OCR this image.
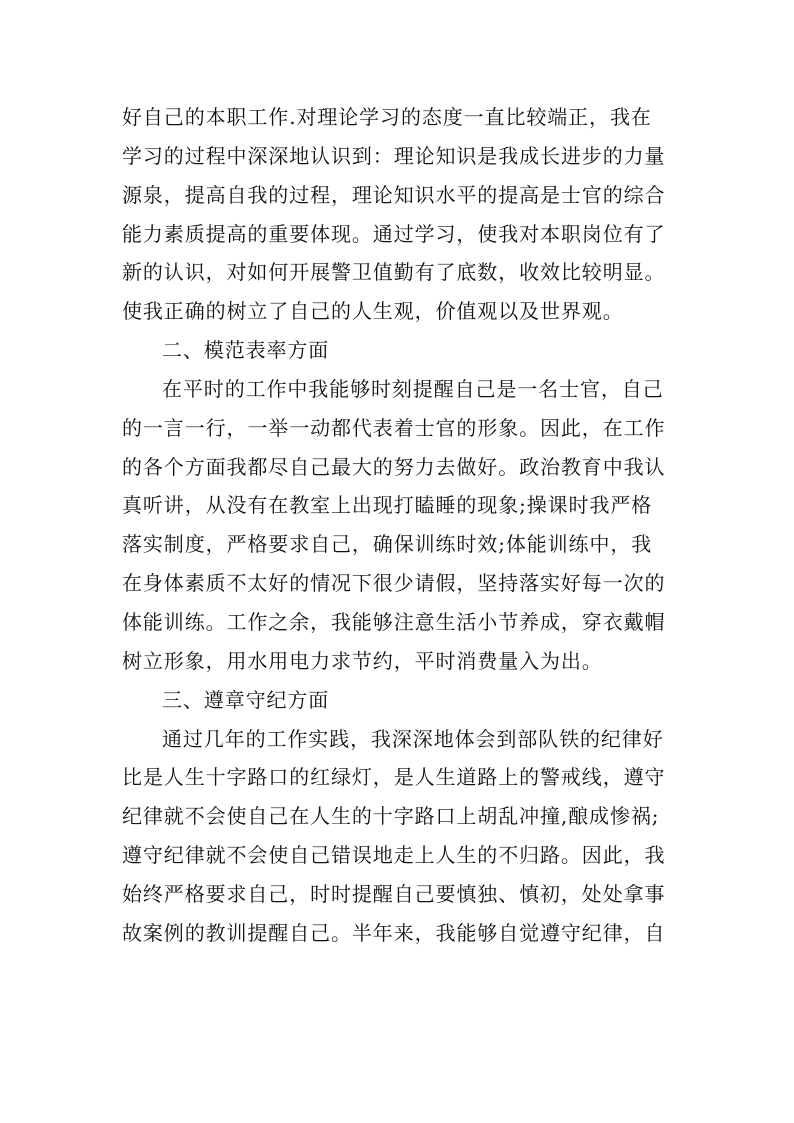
好自己的本职工作.对理论学习的态度一直比较端正，我在
学习的过程中深深地认识到：理论知识是我成长进步的力量
源泉，提高自我的过程，理论知识水平的提高是士官的综合
能力素质提高的重要体现。通过学习，使我对本职岗位有了
新的认识，对如何开展警卫值勤有了底数，收效比较明显。
使我正确的树立了自己的人生观，价值观以及世界观。
二、模范表率方面
在平时的工作中我能够时刻提醒自己是一名士官，自己
的一言一行，一举一动都代表着士官的形象。因此，在工作
的各个方面我都尽自己最大的努力去做好。政治教育中我认
真听讲，从没有在教室上出现打瞌睡的现象;操课时我严格
落实制度，严格要求自己，确保训练时效;体能训练中，我
在身体素质不太好的情况下很少请假，坚持落实好每一次的
体能训练。工作之余，我能够注意生活小节养成，穿衣戴帽
树立形象，用水用电力求节约，平时消费量入为出。
三、遵章守纪方面
通过几年的工作实践，我深深地体会到部队铁的纪律好
比是人生十字路口的红绿灯，是人生道路上的警戒线，遵守
纪律就不会使自己在人生的十字路口上胡乱冲撞,酿成惨祸;
遵守纪律就不会使自己错误地走上人生的不归路。因此，我
始终严格要求自己，时时提醒自己要慎独、慎初，处处拿事
故案例的教训提醒自己。半年来，我能够自觉遵守纪律，自
